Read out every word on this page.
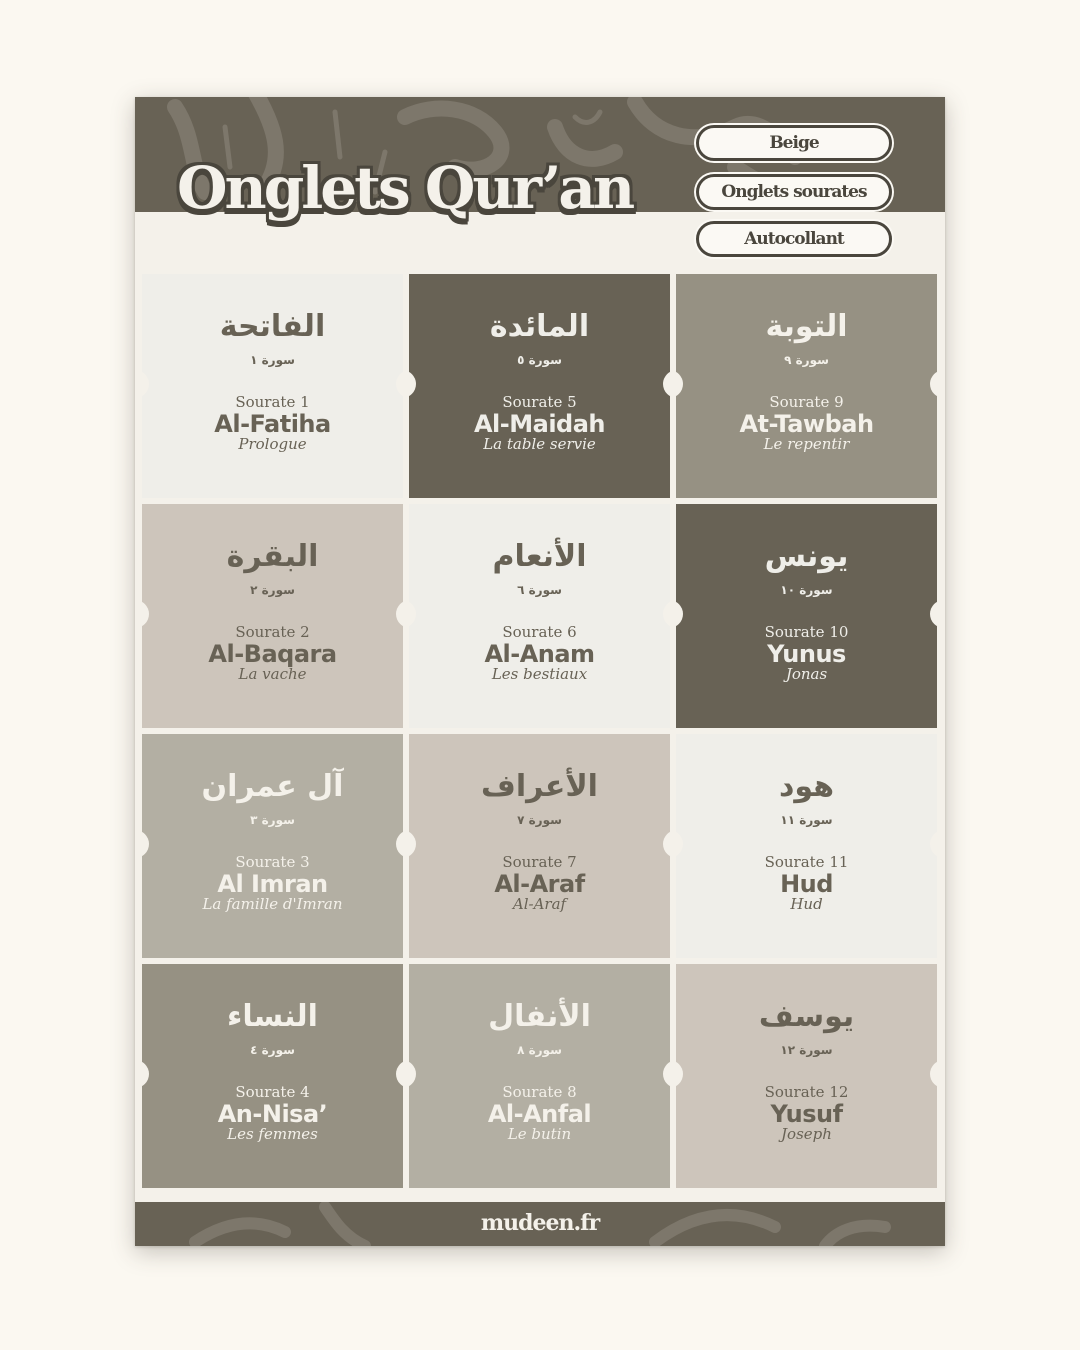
Onglets Qur’an
Beige
Onglets sourates
Autocollant
الفاتحة
سورة ١
Sourate 1
Al-Fatiha
Prologue
المائدة
سورة ٥
Sourate 5
Al-Maidah
La table servie
التوبة
سورة ٩
Sourate 9
At-Tawbah
Le repentir
البقرة
سورة ٢
Sourate 2
Al-Baqara
La vache
الأنعام
سورة ٦
Sourate 6
Al-Anam
Les bestiaux
يونس
سورة ١٠
Sourate 10
Yunus
Jonas
آل عمران
سورة ٣
Sourate 3
Al Imran
La famille d'Imran
الأعراف
سورة ٧
Sourate 7
Al-Araf
Al-Araf
هود
سورة ١١
Sourate 11
Hud
Hud
النساء
سورة ٤
Sourate 4
An-Nisa’
Les femmes
الأنفال
سورة ٨
Sourate 8
Al-Anfal
Le butin
يوسف
سورة ١٢
Sourate 12
Yusuf
Joseph
mudeen.fr
